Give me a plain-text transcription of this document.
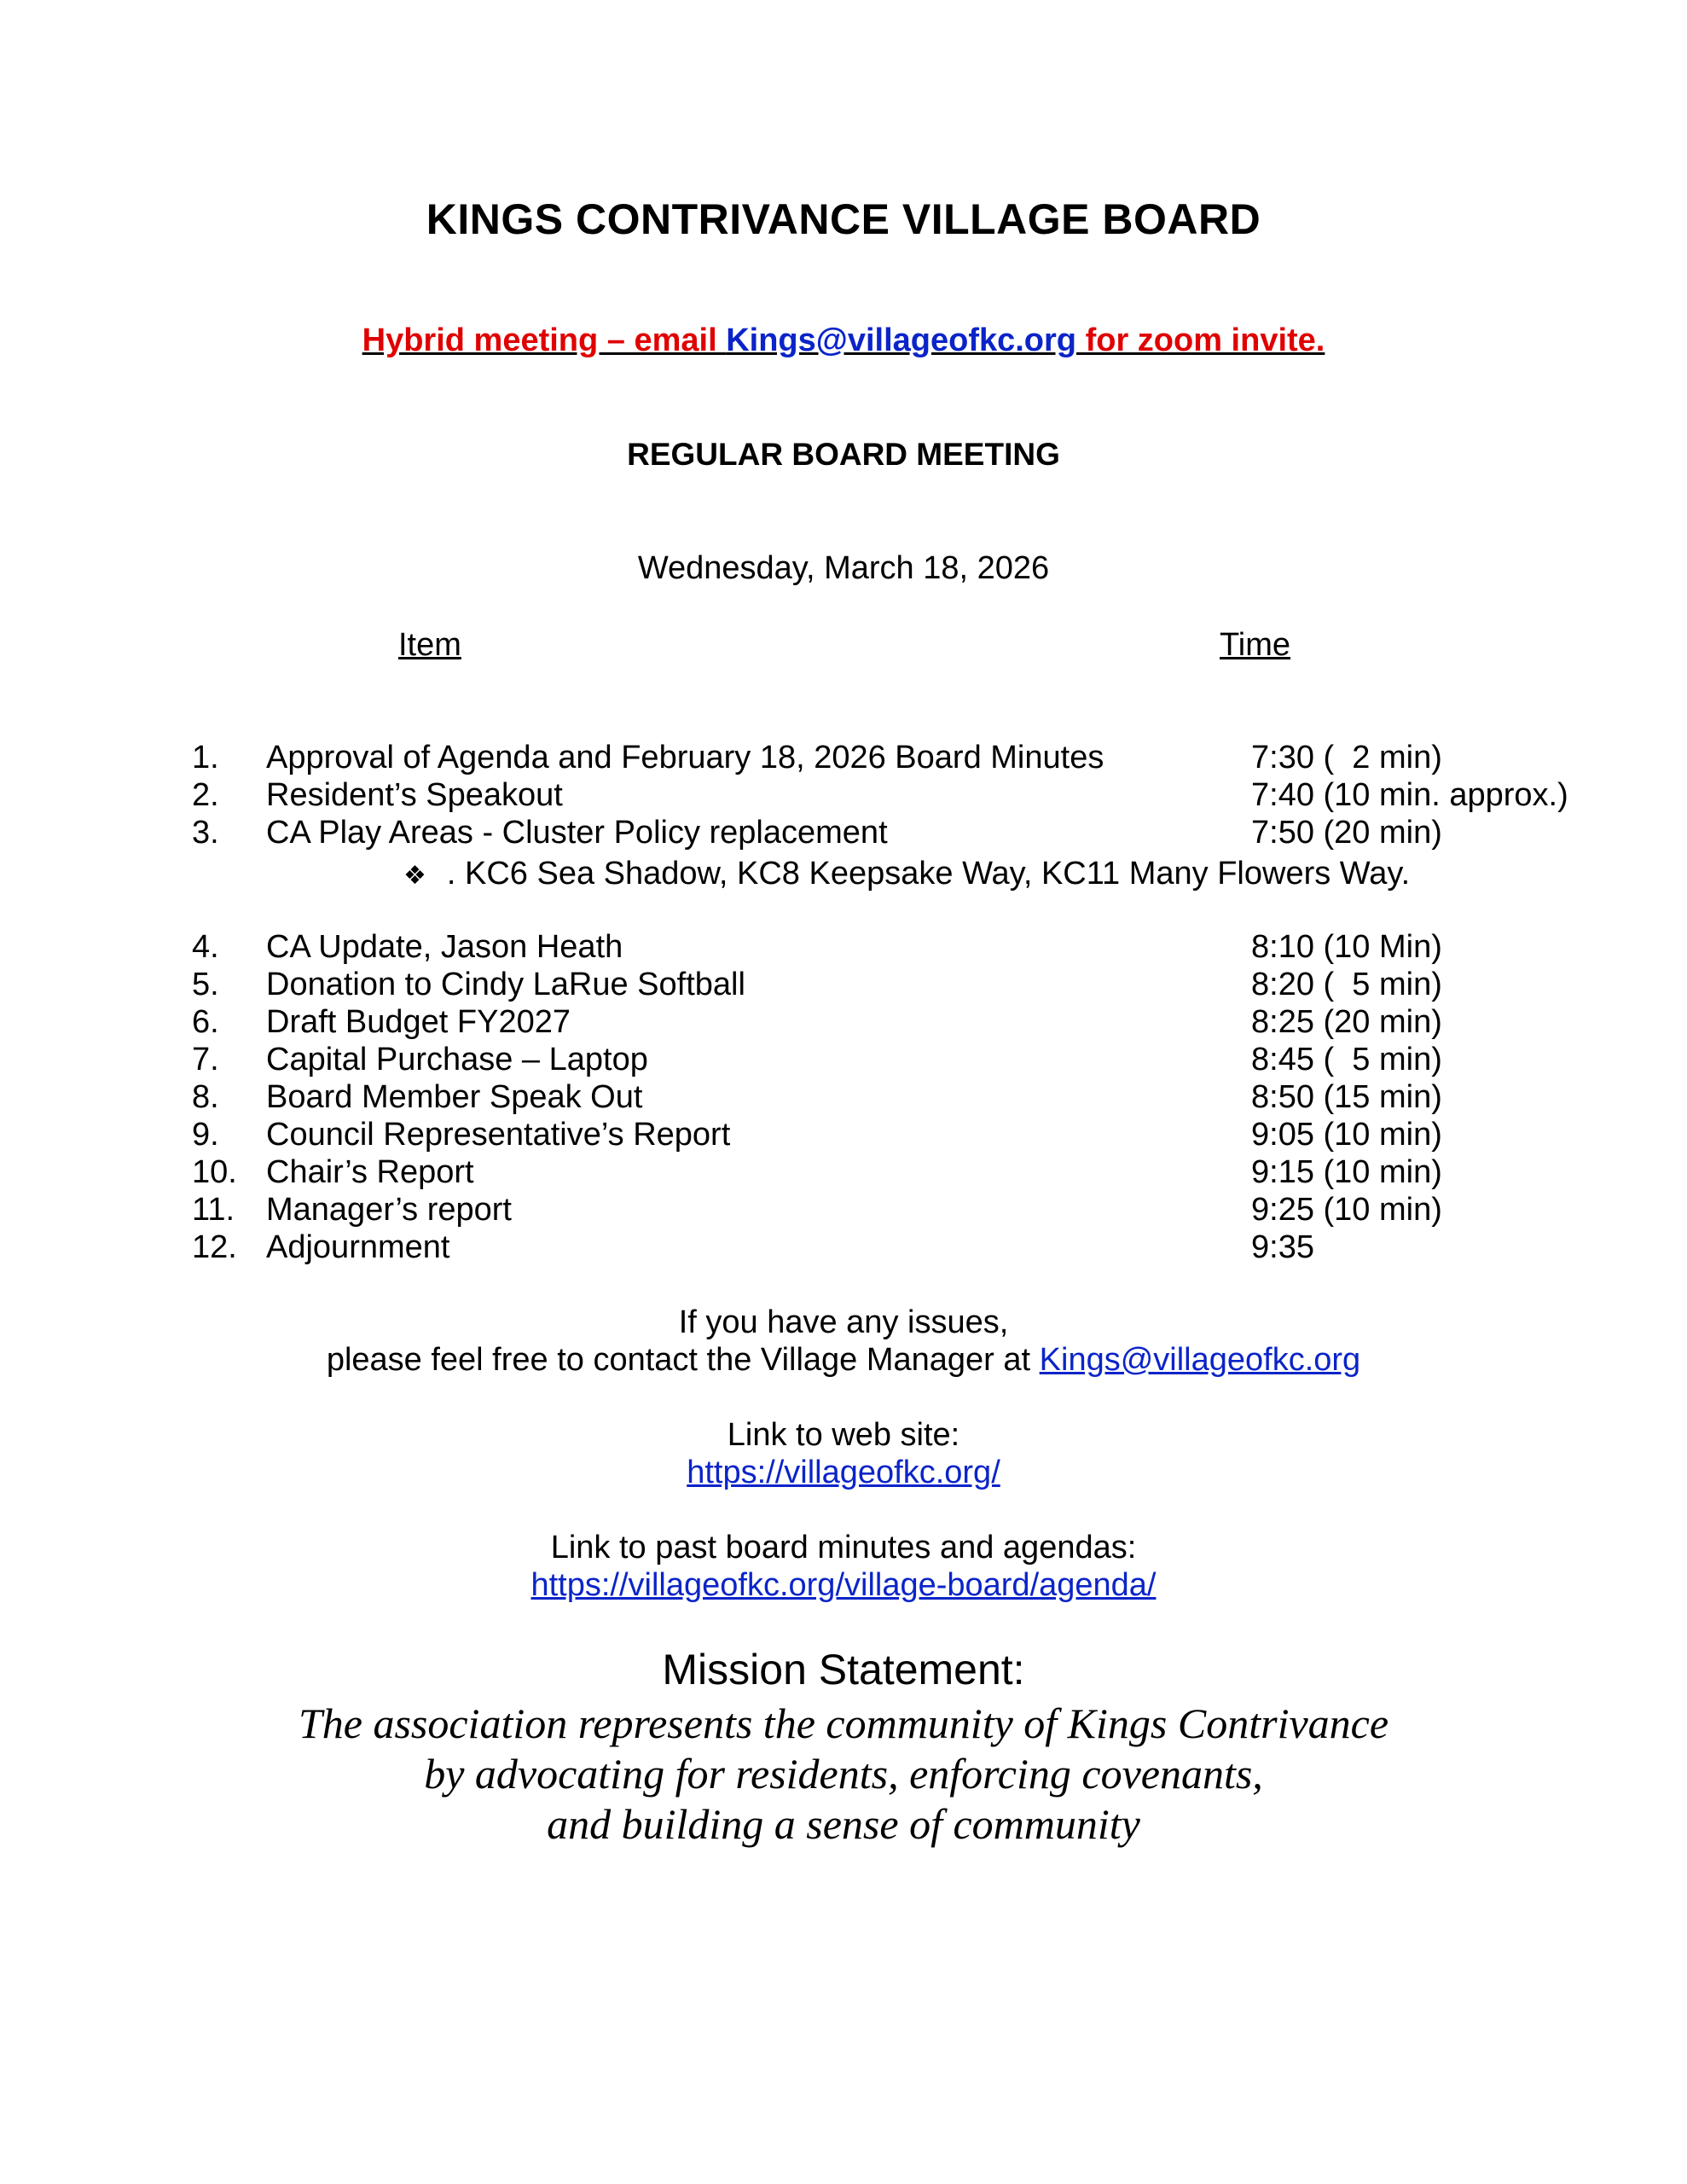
KINGS CONTRIVANCE VILLAGE BOARD
Hybrid meeting – email Kings@villageofkc.org for zoom invite.
REGULAR BOARD MEETING
Wednesday, March 18, 2026
Item	Time
1. Approval of Agenda and February 18, 2026 Board Minutes	7:30 (  2 min)
2. Resident’s Speakout	7:40 (10 min. approx.)
3. CA Play Areas - Cluster Policy replacement	7:50 (20 min)
❖ . KC6 Sea Shadow, KC8 Keepsake Way, KC11 Many Flowers Way.
4. CA Update, Jason Heath	8:10 (10 Min)
5. Donation to Cindy LaRue Softball	8:20 (  5 min)
6. Draft Budget FY2027	8:25 (20 min)
7. Capital Purchase – Laptop	8:45 (  5 min)
8. Board Member Speak Out	8:50 (15 min)
9. Council Representative’s Report	9:05 (10 min)
10. Chair’s Report	9:15 (10 min)
11. Manager’s report	9:25 (10 min)
12. Adjournment	9:35
If you have any issues,
please feel free to contact the Village Manager at Kings@villageofkc.org
Link to web site:
https://villageofkc.org/
Link to past board minutes and agendas:
https://villageofkc.org/village-board/agenda/
Mission Statement:
The association represents the community of Kings Contrivance
by advocating for residents, enforcing covenants,
and building a sense of community
